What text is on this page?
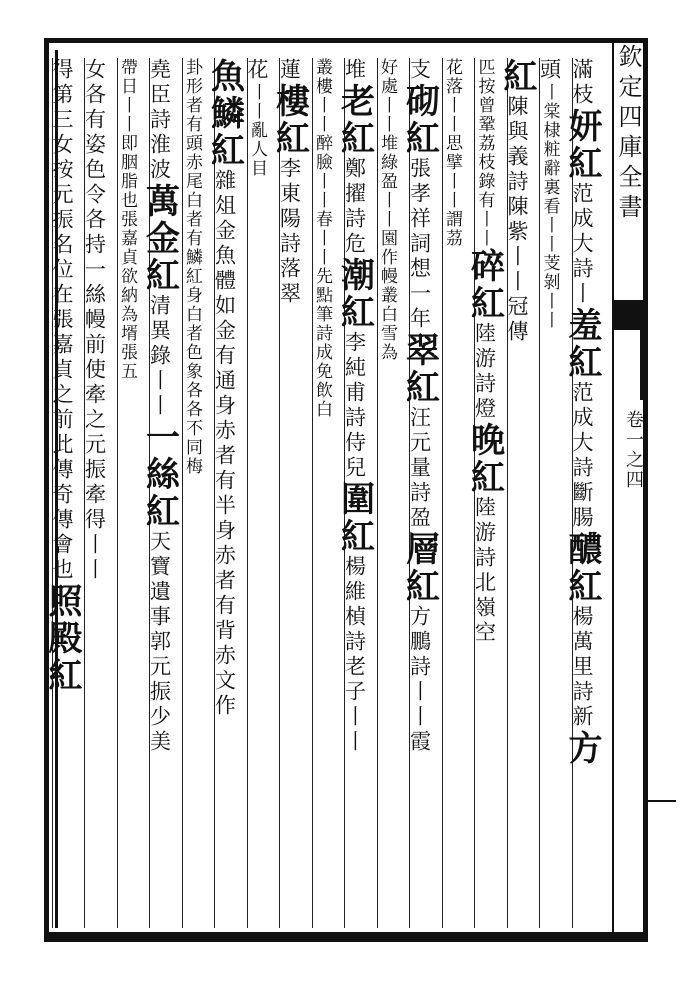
欽定四庫全書
卷一之四
滿枝妍紅范成大詩丨羞紅范成大詩斷腸醲紅楊萬里詩新方
頭丨棠棣粧辭裏看丨丨芰剝丨丨
紅陳與義詩陳紫丨丨冠傳
匹按曾鞏荔枝錄有丨丨碎紅陸游詩燈晚紅陸游詩北嶺空
花落丨丨思擘丨丨謂茘
支砌紅張孝祥詞想一年翠紅汪元量詩盈層紅方鵬詩丨丨霞
好處丨丨堆綠盈丨丨園作幔叢白雪為
堆老紅鄭擢詩危潮紅李純甫詩侍兒圍紅楊維楨詩老子丨丨
叢樓丨丨醉臉丨丨春丨丨先點筆詩成免飲白
蓮樓紅李東陽詩落翠
花丨丨亂人目
魚鱗紅雜俎金魚體如金有通身赤者有半身赤者有背赤文作
卦形者有頭赤尾白者有鱗紅身白者色象各各不同梅
堯臣詩淮波萬金紅清異錄丨丨一絲紅天寶遺事郭元振少美
帶日丨丨即胭脂也張嘉貞欲納為壻張五
女各有姿色令各持一絲幔前使牽之元振牽得丨丨
得第三女按元振名位在張嘉貞之前此傳奇傳會也照殿紅
